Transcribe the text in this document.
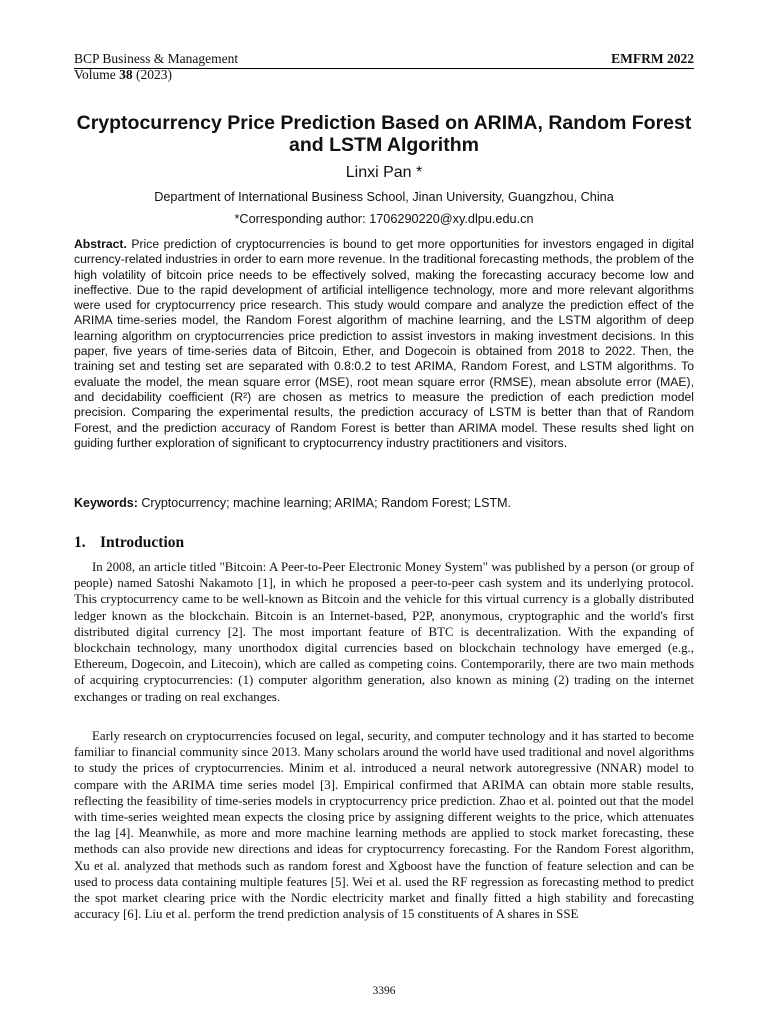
BCP Business & Management
Volume 38 (2023)
EMFRM 2022
Cryptocurrency Price Prediction Based on ARIMA, Random Forest and LSTM Algorithm
Linxi Pan *
Department of International Business School, Jinan University, Guangzhou, China
*Corresponding author: 1706290220@xy.dlpu.edu.cn

Abstract. Price prediction of cryptocurrencies is bound to get more opportunities for investors engaged in digital currency-related industries in order to earn more revenue. In the traditional forecasting methods, the problem of the high volatility of bitcoin price needs to be effectively solved, making the forecasting accuracy become low and ineffective. Due to the rapid development of artificial intelligence technology, more and more relevant algorithms were used for cryptocurrency price research. This study would compare and analyze the prediction effect of the ARIMA time-series model, the Random Forest algorithm of machine learning, and the LSTM algorithm of deep learning algorithm on cryptocurrencies price prediction to assist investors in making investment decisions. In this paper, five years of time-series data of Bitcoin, Ether, and Dogecoin is obtained from 2018 to 2022. Then, the training set and testing set are separated with 0.8:0.2 to test ARIMA, Random Forest, and LSTM algorithms. To evaluate the model, the mean square error (MSE), root mean square error (RMSE), mean absolute error (MAE), and decidability coefficient (R²) are chosen as metrics to measure the prediction of each prediction model precision. Comparing the experimental results, the prediction accuracy of LSTM is better than that of Random Forest, and the prediction accuracy of Random Forest is better than ARIMA model. These results shed light on guiding further exploration of significant to cryptocurrency industry practitioners and visitors.

Keywords: Cryptocurrency; machine learning; ARIMA; Random Forest; LSTM.

1. Introduction

In 2008, an article titled "Bitcoin: A Peer-to-Peer Electronic Money System" was published by a person (or group of people) named Satoshi Nakamoto [1], in which he proposed a peer-to-peer cash system and its underlying protocol. This cryptocurrency came to be well-known as Bitcoin and the vehicle for this virtual currency is a globally distributed ledger known as the blockchain. Bitcoin is an Internet-based, P2P, anonymous, cryptographic and the world's first distributed digital currency [2]. The most important feature of BTC is decentralization. With the expanding of blockchain technology, many unorthodox digital currencies based on blockchain technology have emerged (e.g., Ethereum, Dogecoin, and Litecoin), which are called as competing coins. Contemporarily, there are two main methods of acquiring cryptocurrencies: (1) computer algorithm generation, also known as mining (2) trading on the internet exchanges or trading on real exchanges.

Early research on cryptocurrencies focused on legal, security, and computer technology and it has started to become familiar to financial community since 2013. Many scholars around the world have used traditional and novel algorithms to study the prices of cryptocurrencies. Minim et al. introduced a neural network autoregressive (NNAR) model to compare with the ARIMA time series model [3]. Empirical confirmed that ARIMA can obtain more stable results, reflecting the feasibility of time-series models in cryptocurrency price prediction. Zhao et al. pointed out that the model with time-series weighted mean expects the closing price by assigning different weights to the price, which attenuates the lag [4]. Meanwhile, as more and more machine learning methods are applied to stock market forecasting, these methods can also provide new directions and ideas for cryptocurrency forecasting. For the Random Forest algorithm, Xu et al. analyzed that methods such as random forest and Xgboost have the function of feature selection and can be used to process data containing multiple features [5]. Wei et al. used the RF regression as forecasting method to predict the spot market clearing price with the Nordic electricity market and finally fitted a high stability and forecasting accuracy [6]. Liu et al. perform the trend prediction analysis of 15 constituents of A shares in SSE

3396
